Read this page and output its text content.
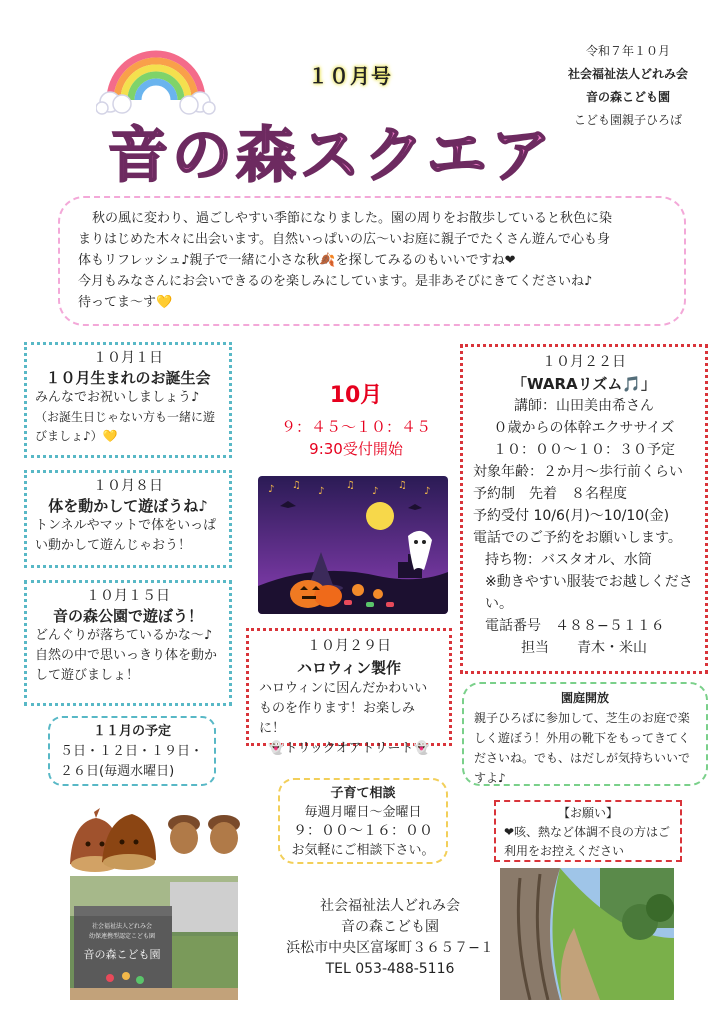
１０月号
音の森スクエア
令和７年１０月
社会福祉法人どれみ会
音の森こども園
こども園親子ひろば

秋の風に変わり、過ごしやすい季節になりました。園の周りをお散歩していると秋色に染

まりはじめた木々に出会います。自然いっぱいの広〜いお庭に親子でたくさん遊んで心も身

体もリフレッシュ♪親子で一緒に小さな秋🍂を探してみるのもいいですね❤

今月もみなさんにお会いできるのを楽しみにしています。是非あそびにきてくださいね♪

待ってま〜す💛

１０月１日
１０月生まれのお誕生会
みんなでお祝いしましょう♪
（お誕生日じゃない方も一緒に遊びましょ♪）💛
１０月８日
体を動かして遊ぼうね♪
トンネルやマットで体をいっぱい動かして遊んじゃおう！
１０月１５日
音の森公園で遊ぼう！
どんぐりが落ちているかな〜♪自然の中で思いっきり体を動かして遊びましょ！
１１月の予定
５日・１２日・１９日・
２６日(毎週水曜日)
10月
９：４５〜１０：４５
9:30受付開始
♪ ♫
♪
♫
♪
♫
♪
１０月２９日
ハロウィン製作
ハロウィンに因んだかわいいものを作ります！お楽しみに！
👻トリックオアトリート👻
１０月２２日
「WARAリズム🎵」
講師：山田美由希さん
０歳からの体幹エクササイズ
１０：００〜１０：３０予定
対象年齢：２か月〜歩行前くらい
予約制　先着　８名程度
予約受付 10/6(月)〜10/10(金)
電話でのご予約をお願いします。
持ち物：バスタオル、水筒
※動きやすい服装でお越しください。
電話番号　４８８−５１１６
担当　　青木・米山
園庭開放
親子ひろばに参加して、芝生のお庭で楽しく遊ぼう！外用の靴下をもってきてくださいね。でも、はだしが気持ちいいですよ♪
子育て相談
毎週月曜日〜金曜日
９：００〜１６：００
お気軽にご相談下さい。
【お願い】
❤咳、熱など体調不良の方はご利用をお控えください
社会福祉法人どれみ会
幼保連携型認定こども園
音の森こども園
社会福祉法人どれみ会
音の森こども園
浜松市中央区富塚町３６５７−１
TEL 053-488-5116
